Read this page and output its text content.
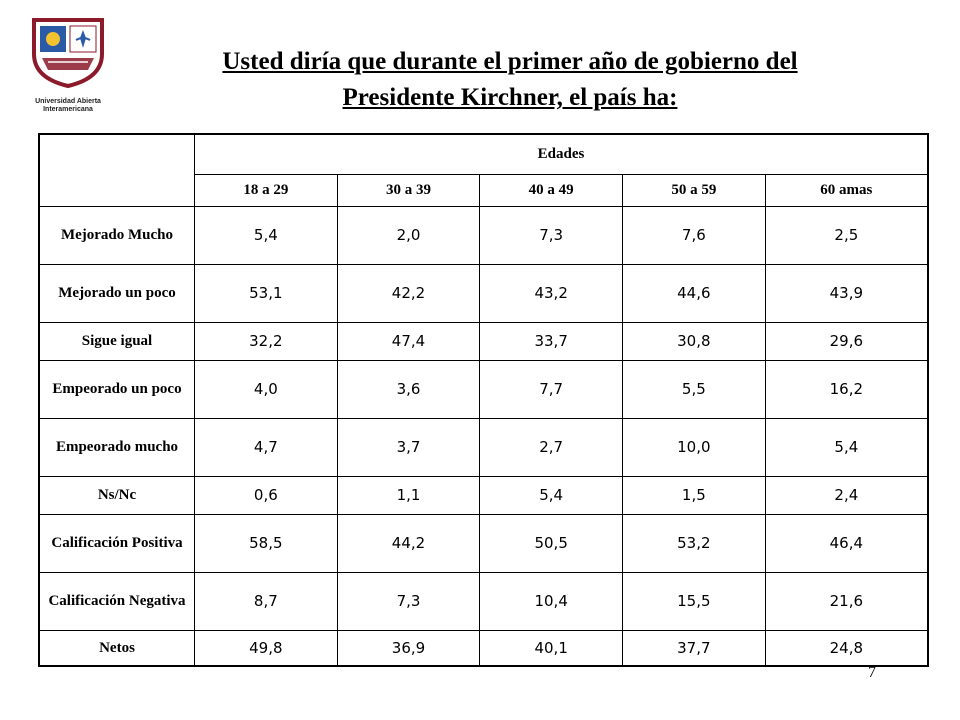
Universidad Abierta
Interamericana
Usted diría que durante el primer año de gobierno del
Presidente Kirchner, el país ha:
	Edades				
	18 a 29	30 a 39	40 a 49	50 a 59	60 amas
Mejorado Mucho	5,4	2,0	7,3	7,6	2,5
Mejorado un poco	53,1	42,2	43,2	44,6	43,9
Sigue igual	32,2	47,4	33,7	30,8	29,6
Empeorado un poco	4,0	3,6	7,7	5,5	16,2
Empeorado mucho	4,7	3,7	2,7	10,0	5,4
Ns/Nc	0,6	1,1	5,4	1,5	2,4
Calificación Positiva	58,5	44,2	50,5	53,2	46,4
Calificación Negativa	8,7	7,3	10,4	15,5	21,6
Netos	49,8	36,9	40,1	37,7	24,8
7
